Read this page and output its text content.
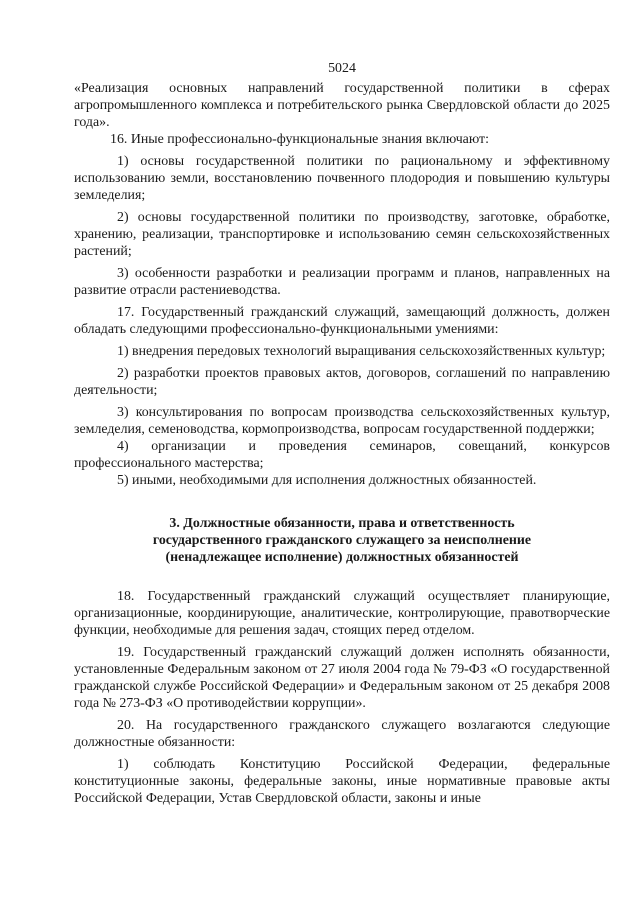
5024

«Реализация основных направлений государственной политики в сферах агропромышленного комплекса и потребительского рынка Свердловской области до 2025 года».

16. Иные профессионально-функциональные знания включают:

1) основы государственной политики по рациональному и эффективному использованию земли, восстановлению почвенного плодородия и повышению культуры земледелия;

2) основы государственной политики по производству, заготовке, обработке, хранению, реализации, транспортировке и использованию семян сельскохозяйственных растений;

3) особенности разработки и реализации программ и планов, направленных на развитие отрасли растениеводства.

17. Государственный гражданский служащий, замещающий должность, должен обладать следующими профессионально-функциональными умениями:

1) внедрения передовых технологий выращивания сельскохозяйственных культур;

2) разработки проектов правовых актов, договоров, соглашений по направлению деятельности;

3) консультирования по вопросам производства сельскохозяйственных культур, земледелия, семеноводства, кормопроизводства, вопросам государственной поддержки;

4) организации и проведения семинаров, совещаний, конкурсов профессионального мастерства;

5) иными, необходимыми для исполнения должностных обязанностей.

3. Должностные обязанности, права и ответственность
государственного гражданского служащего за неисполнение
(ненадлежащее исполнение) должностных обязанностей

18. Государственный гражданский служащий осуществляет планирующие, организационные, координирующие, аналитические, контролирующие, правотворческие функции, необходимые для решения задач, стоящих перед отделом.

19. Государственный гражданский служащий должен исполнять обязанности, установленные Федеральным законом от 27 июля 2004 года № 79-ФЗ «О государственной гражданской службе Российской Федерации» и Федеральным законом от 25 декабря 2008 года № 273-ФЗ «О противодействии коррупции».

20. На государственного гражданского служащего возлагаются следующие должностные обязанности:

1) соблюдать Конституцию Российской Федерации, федеральные конституционные законы, федеральные законы, иные нормативные правовые акты Российской Федерации, Устав Свердловской области, законы и иные
